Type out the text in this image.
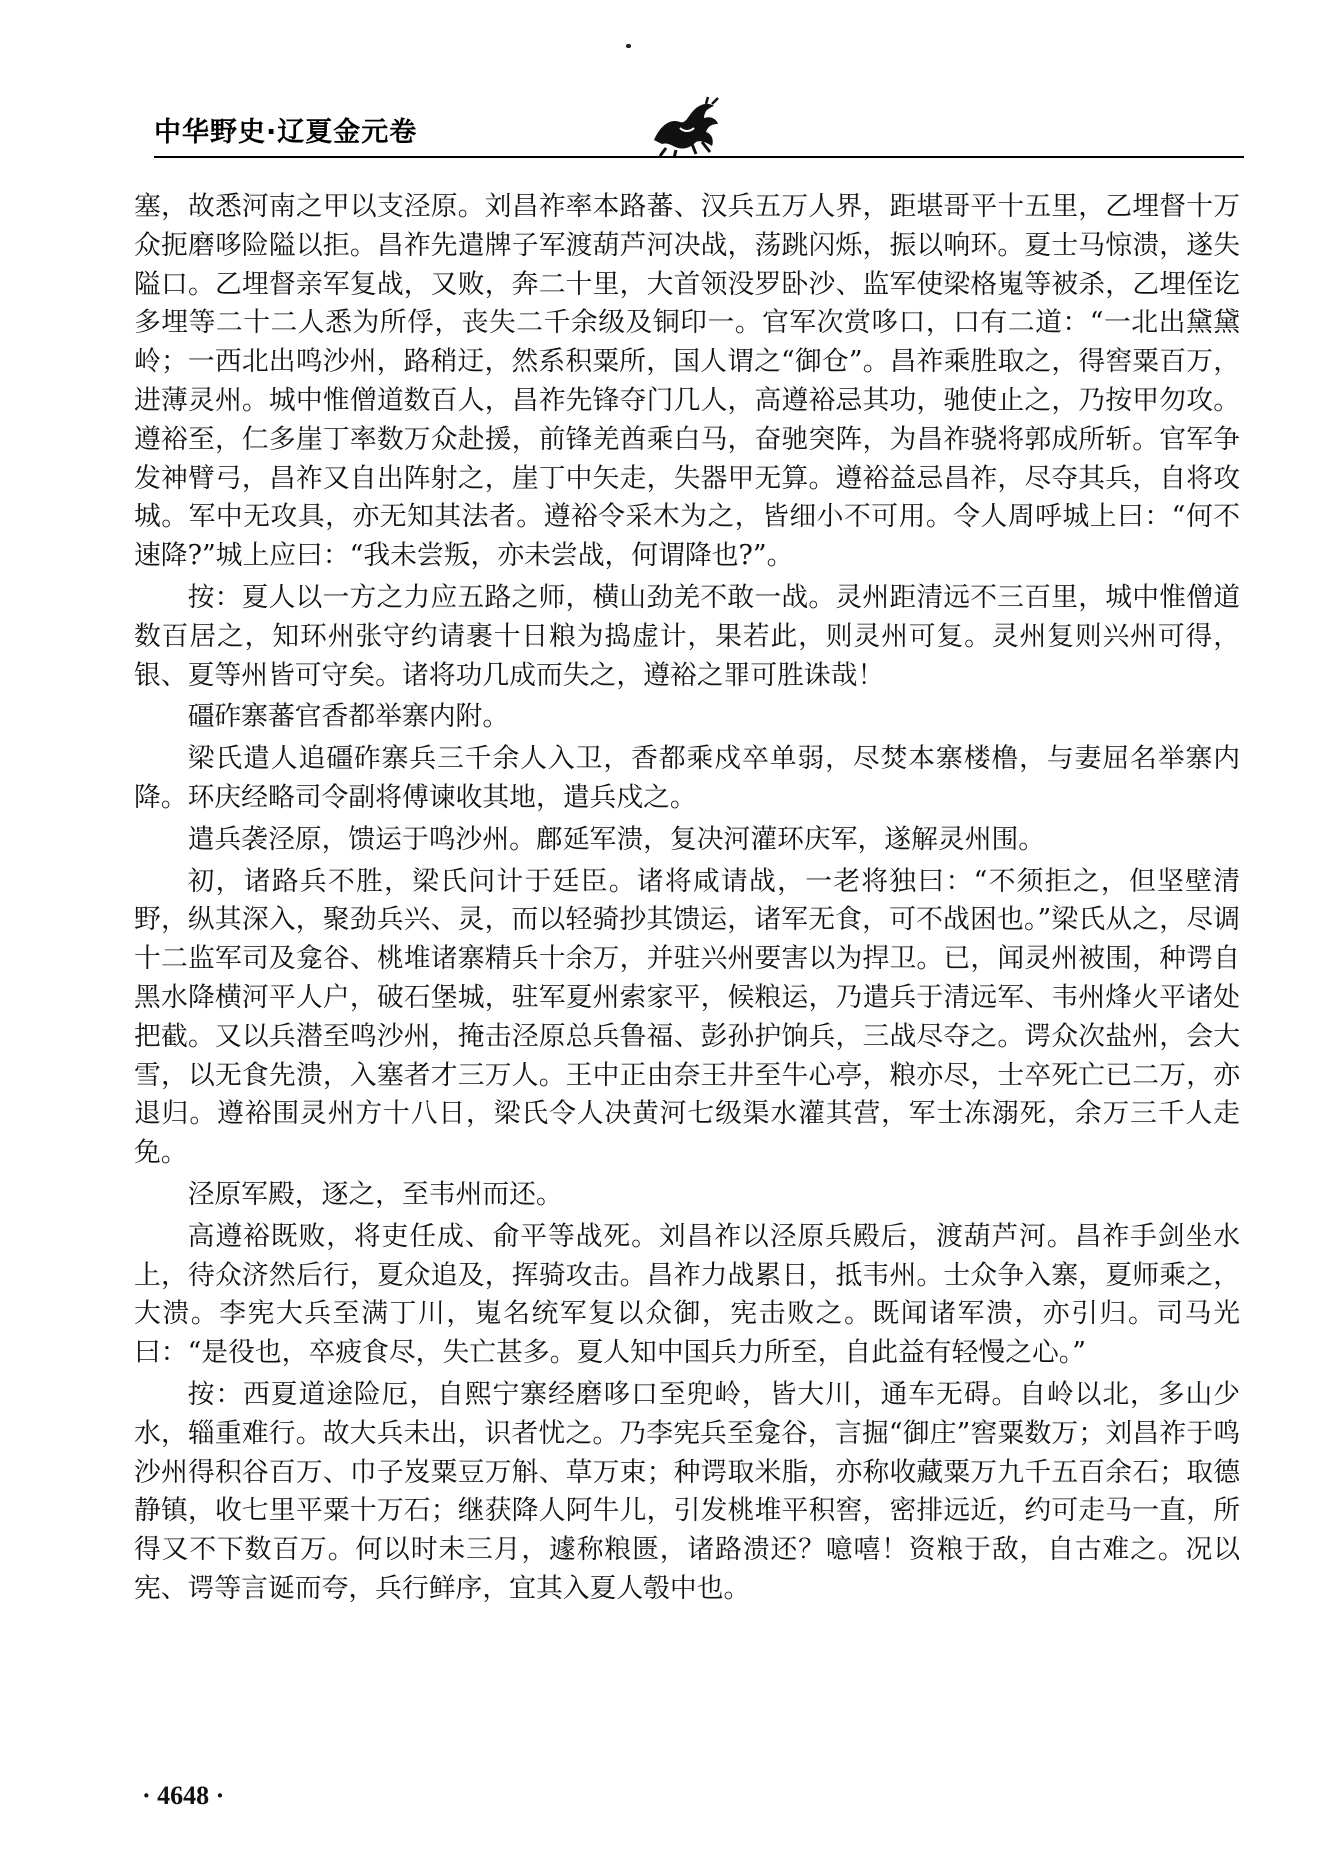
中华野史·辽夏金元卷

塞，故悉河南之甲以支泾原。刘昌祚率本路蕃、汉兵五万人界，距堪哥平十五里，乙埋督十万众扼磨哆险隘以拒。昌祚先遣牌子军渡葫芦河决战，荡跳闪烁，振以响环。夏士马惊溃，遂失隘口。乙埋督亲军复战，又败，奔二十里，大首领没罗卧沙、监军使梁格嵬等被杀，乙埋侄讫多埋等二十二人悉为所俘，丧失二千余级及铜印一。官军次赏哆口，口有二道：“一北出黛黛岭；一西北出鸣沙州，路稍迂，然系积粟所，国人谓之“御仓”。昌祚乘胜取之，得窖粟百万，进薄灵州。城中惟僧道数百人，昌祚先锋夺门几人，高遵裕忌其功，驰使止之，乃按甲勿攻。遵裕至，仁多崖丁率数万众赴援，前锋羌酋乘白马，奋驰突阵，为昌祚骁将郭成所斩。官军争发神臂弓，昌祚又自出阵射之，崖丁中矢走，失器甲无算。遵裕益忌昌祚，尽夺其兵，自将攻城。军中无攻具，亦无知其法者。遵裕令采木为之，皆细小不可用。令人周呼城上曰：“何不速降?”城上应曰：“我未尝叛，亦未尝战，何谓降也?”。

按：夏人以一方之力应五路之师，横山劲羌不敢一战。灵州距清远不三百里，城中惟僧道数百居之，知环州张守约请裹十日粮为捣虚计，果若此，则灵州可复。灵州复则兴州可得，银、夏等州皆可守矣。诸将功几成而失之，遵裕之罪可胜诛哉！

礓砟寨蕃官香都举寨内附。

梁氏遣人追礓砟寨兵三千余人入卫，香都乘戍卒单弱，尽焚本寨楼橹，与妻屈名举寨内降。环庆经略司令副将傅谏收其地，遣兵戍之。

遣兵袭泾原，馈运于鸣沙州。鄜延军溃，复决河灌环庆军，遂解灵州围。

初，诸路兵不胜，梁氏问计于廷臣。诸将咸请战，一老将独曰：“不须拒之，但坚壁清野，纵其深入，聚劲兵兴、灵，而以轻骑抄其馈运，诸军无食，可不战困也。”梁氏从之，尽调十二监军司及龛谷、桃堆诸寨精兵十余万，并驻兴州要害以为捍卫。已，闻灵州被围，种谔自黑水降横河平人户，破石堡城，驻军夏州索家平，候粮运，乃遣兵于清远军、韦州烽火平诸处把截。又以兵潜至鸣沙州，掩击泾原总兵鲁福、彭孙护饷兵，三战尽夺之。谔众次盐州，会大雪，以无食先溃，入塞者才三万人。王中正由奈王井至牛心亭，粮亦尽，士卒死亡已二万，亦退归。遵裕围灵州方十八日，梁氏令人决黄河七级渠水灌其营，军士冻溺死，余万三千人走免。

泾原军殿，逐之，至韦州而还。

高遵裕既败，将吏任成、俞平等战死。刘昌祚以泾原兵殿后，渡葫芦河。昌祚手剑坐水上，待众济然后行，夏众追及，挥骑攻击。昌祚力战累日，抵韦州。士众争入寨，夏师乘之，大溃。李宪大兵至满丁川，嵬名统军复以众御，宪击败之。既闻诸军溃，亦引归。司马光曰：“是役也，卒疲食尽，失亡甚多。夏人知中国兵力所至，自此益有轻慢之心。”

按：西夏道途险厄，自熙宁寨经磨哆口至兜岭，皆大川，通车无碍。自岭以北，多山少水，辎重难行。故大兵未出，识者忧之。乃李宪兵至龛谷，言掘“御庄”窖粟数万；刘昌祚于鸣沙州得积谷百万、巾子岌粟豆万斛、草万束；种谔取米脂，亦称收藏粟万九千五百余石；取德静镇，收七里平粟十万石；继获降人阿牛儿，引发桃堆平积窖，密排远近，约可走马一直，所得又不下数百万。何以时未三月，遽称粮匮，诸路溃还？噫嘻！资粮于敌，自古难之。况以宪、谔等言诞而夸，兵行鲜序，宜其入夏人彀中也。

· 4648 ·
